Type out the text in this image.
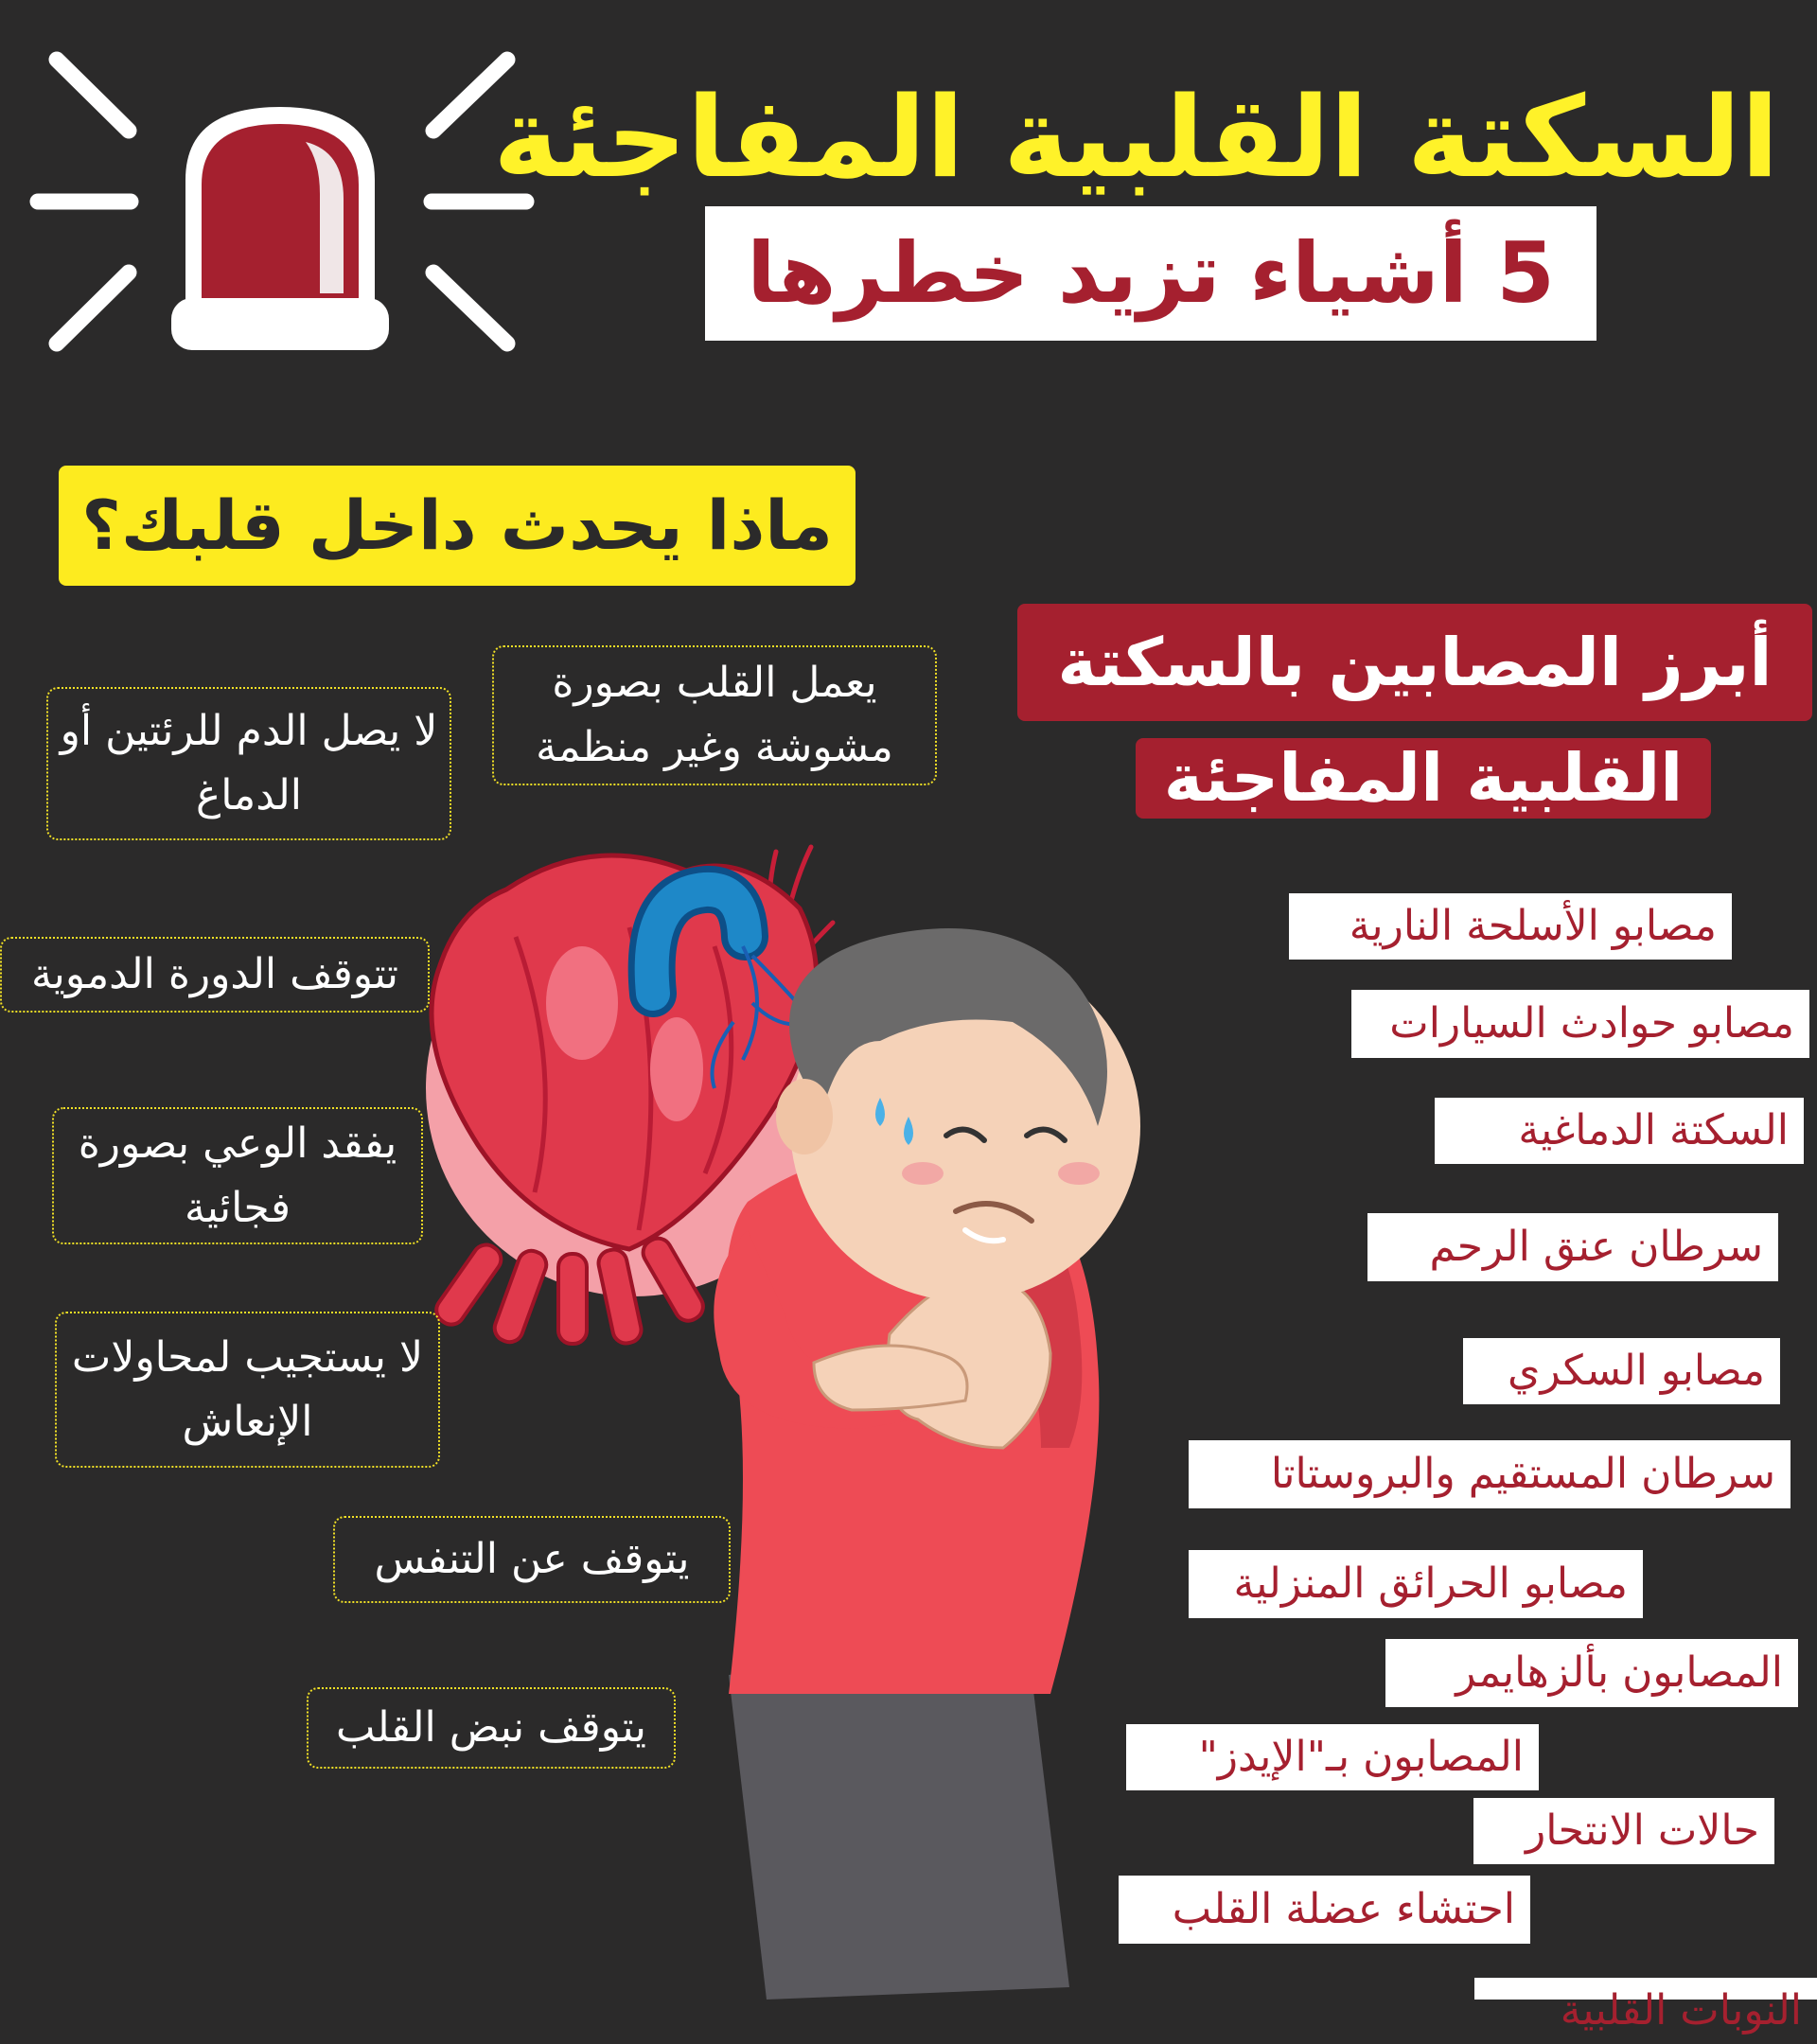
السكتة القلبية المفاجئة
5 أشياء تزيد خطرها
ماذا يحدث داخل قلبك؟
أبرز المصابين بالسكتة
القلبية المفاجئة
يعمل القلب بصورة مشوشة وغير منظمة
لا يصل الدم للرئتين أو الدماغ
تتوقف الدورة الدموية
يفقد الوعي بصورة فجائية
لا يستجيب لمحاولات الإنعاش
يتوقف عن التنفس
يتوقف نبض القلب
مصابو الأسلحة النارية
مصابو حوادث السيارات
السكتة الدماغية
سرطان عنق الرحم
مصابو السكري
سرطان المستقيم والبروستاتا
مصابو الحرائق المنزلية
المصابون بألزهايمر
المصابون بـ"الإيدز"
حالات الانتحار
احتشاء عضلة القلب
النوبات القلبية
